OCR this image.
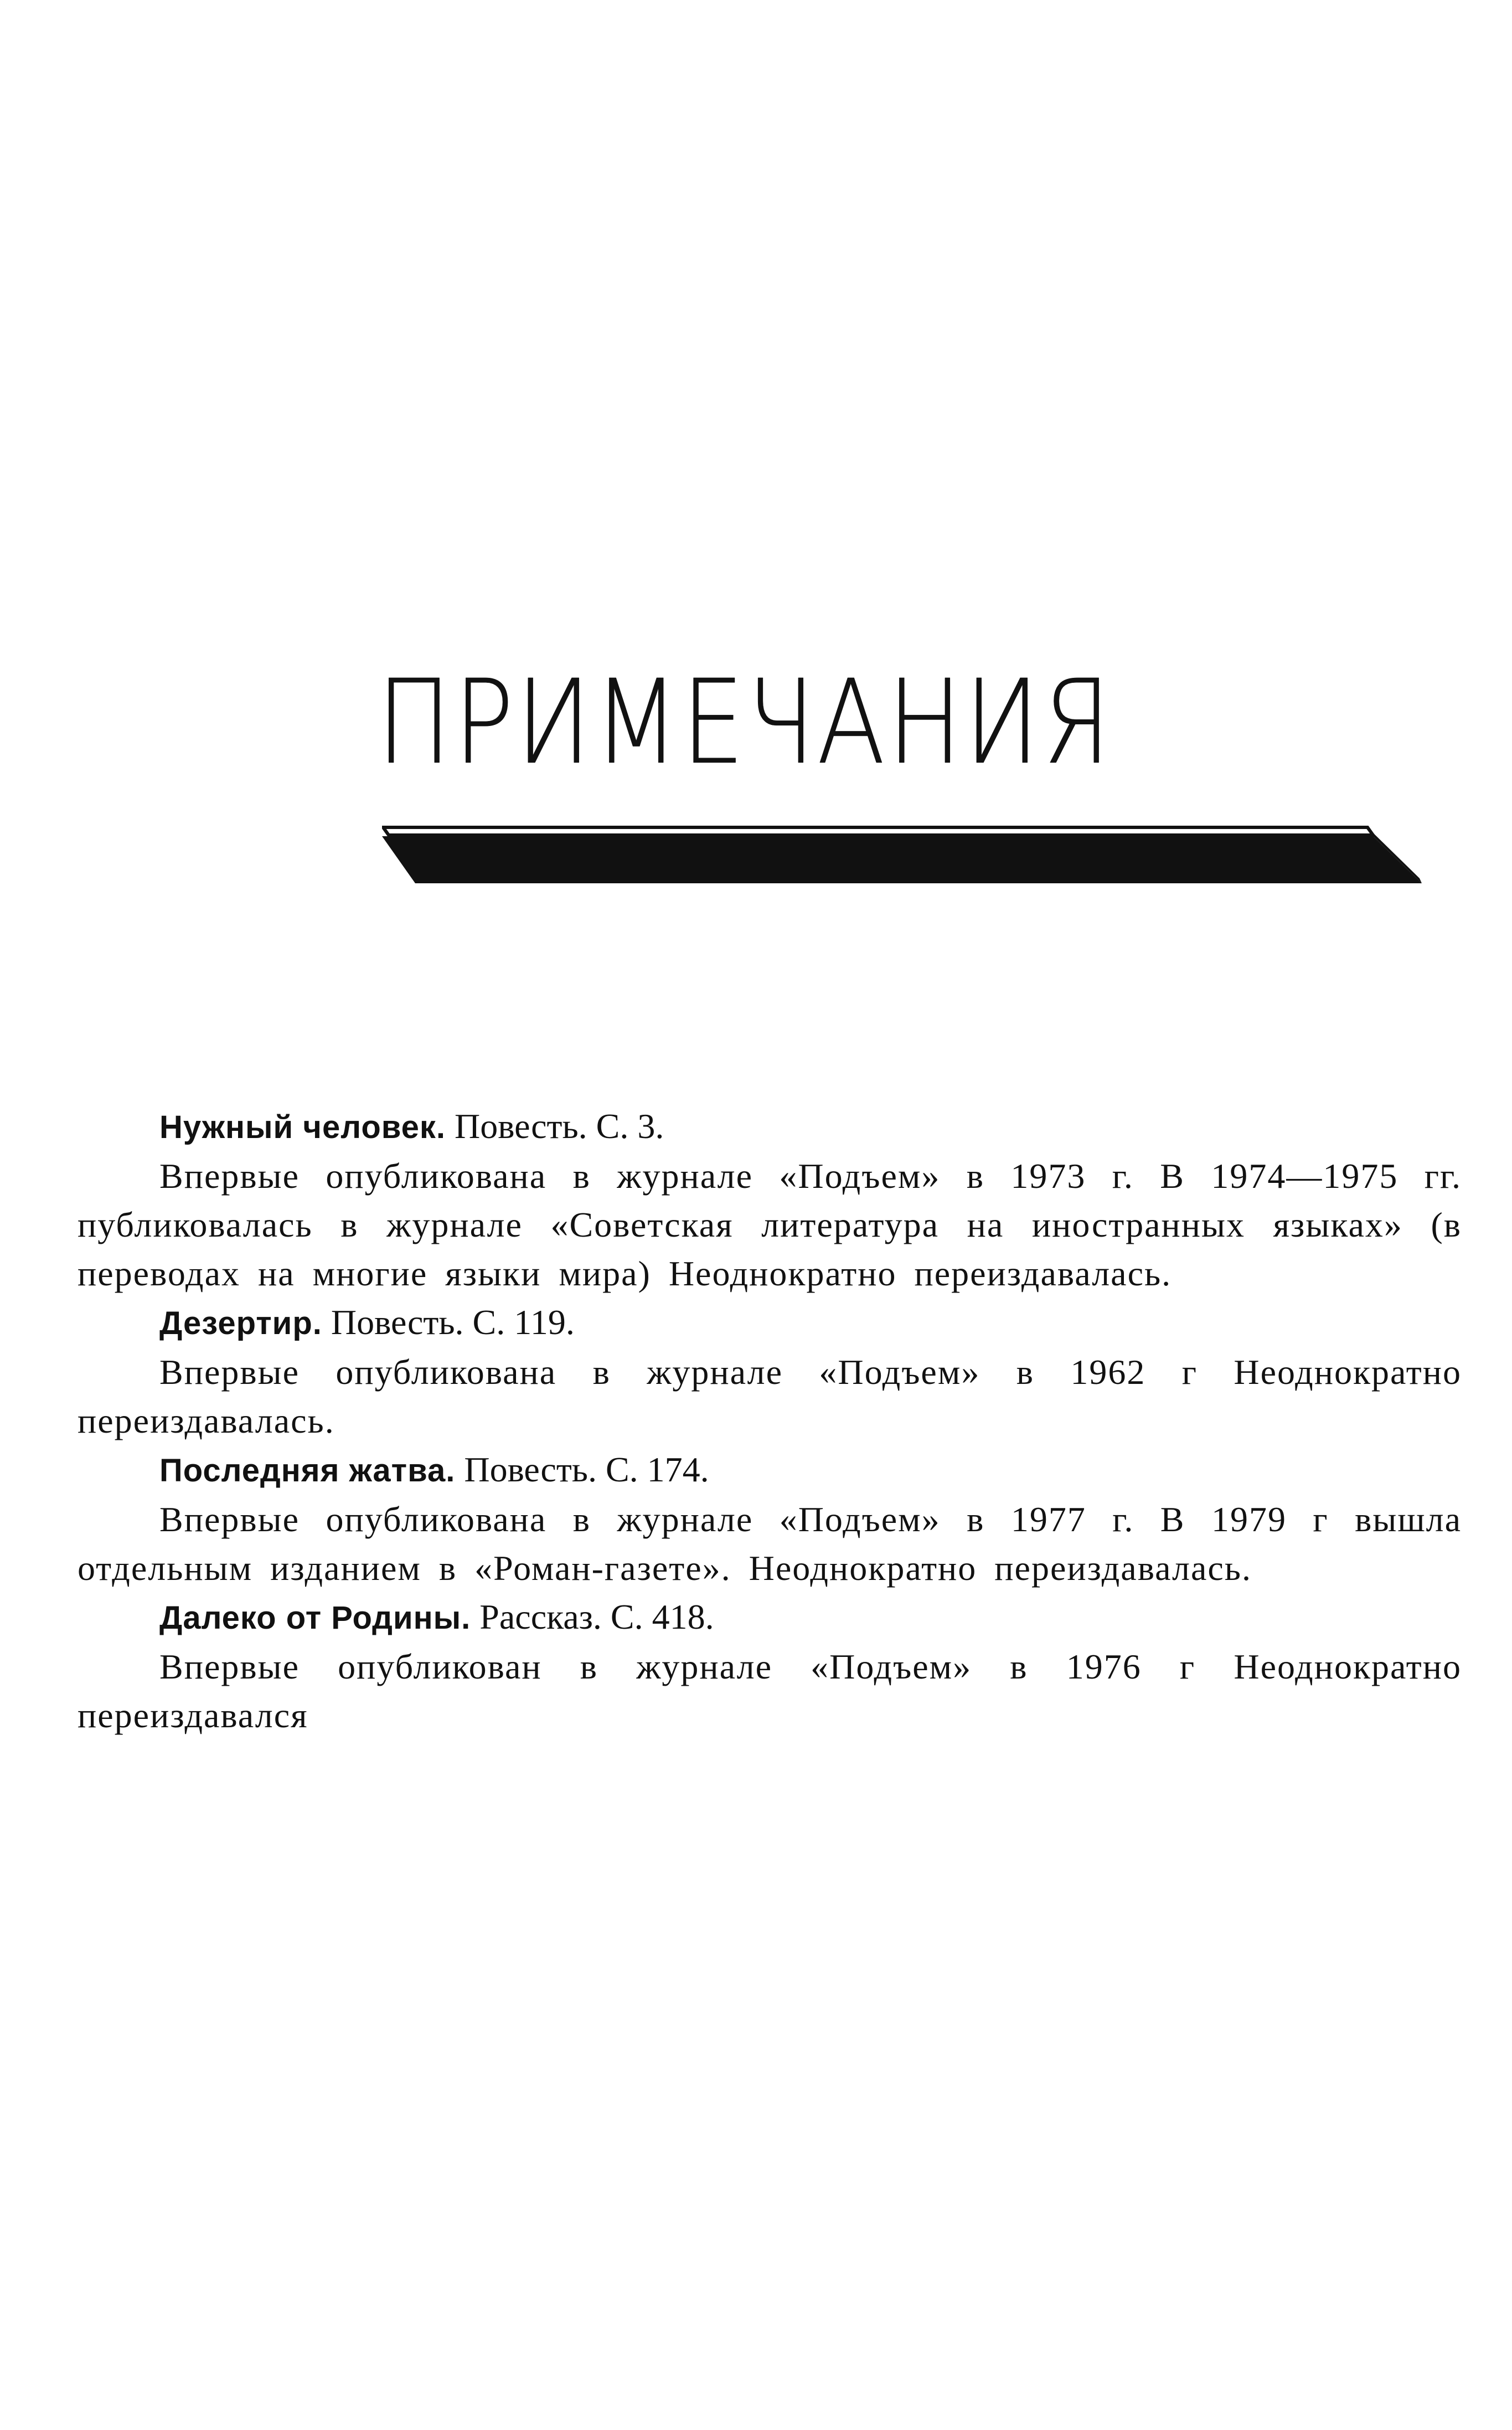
ПРИМЕЧАНИЯ

Нужный человек. Повесть. С. 3.

Впервые опубликована в журнале «Подъем» в 1973 г. В 1974—1975 гг. публиковалась в журнале «Советская литература на иностранных языках» (в переводах на многие языки мира) Неоднократно переиздавалась.

Дезертир. Повесть. С. 119.

Впервые опубликована в журнале «Подъем» в 1962 г Неоднократно переиздавалась.

Последняя жатва. Повесть. С. 174.

Впервые опубликована в журнале «Подъем» в 1977 г. В 1979 г вышла отдельным изданием в «Роман-газете». Неоднократно переиздавалась.

Далеко от Родины. Рассказ. С. 418.

Впервые опубликован в журнале «Подъем» в 1976 г Неоднократно переиздавался
